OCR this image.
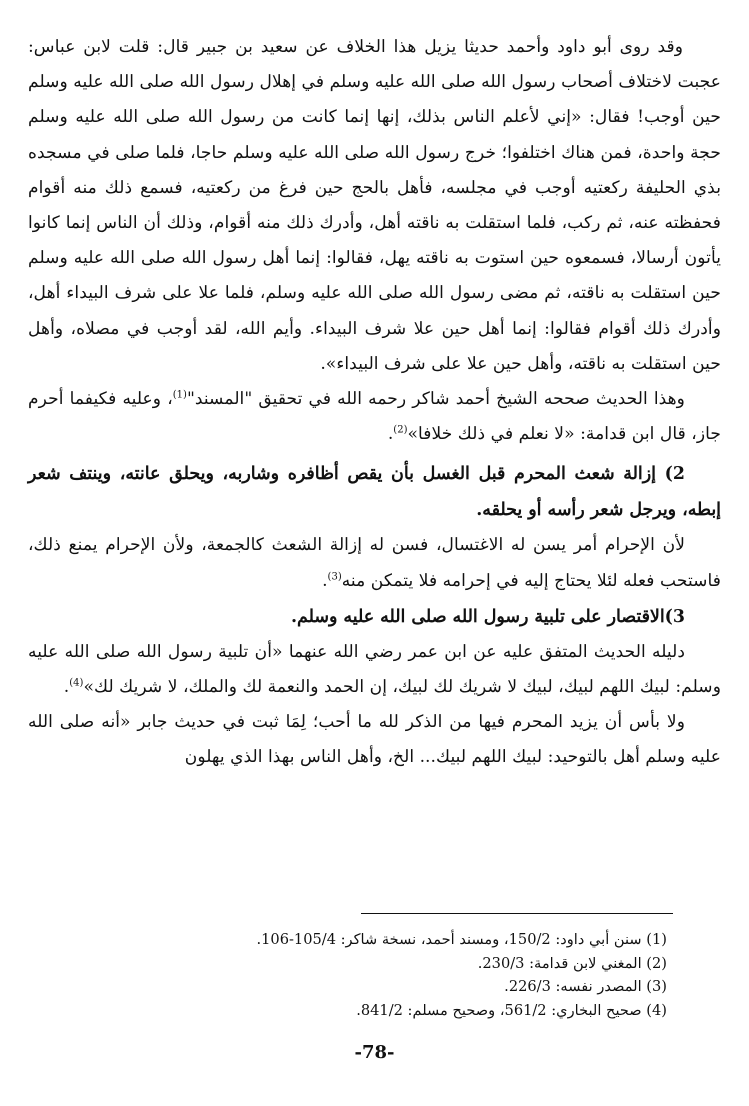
وقد روى أبو داود وأحمد حديثا يزيل هذا الخلاف عن سعيد بن جبير قال: قلت لابن عباس: عجبت لاختلاف أصحاب رسول الله صلى الله عليه وسلم في إهلال رسول الله صلى الله عليه وسلم حين أوجب! فقال: «إني لأعلم الناس بذلك، إنها إنما كانت من رسول الله صلى الله عليه وسلم حجة واحدة، فمن هناك اختلفوا؛ خرج رسول الله صلى الله عليه وسلم حاجا، فلما صلى في مسجده بذي الحليفة ركعتيه أوجب في مجلسه، فأهل بالحج حين فرغ من ركعتيه، فسمع ذلك منه أقوام فحفظته عنه، ثم ركب، فلما استقلت به ناقته أهل، وأدرك ذلك منه أقوام، وذلك أن الناس إنما كانوا يأتون أرسالا، فسمعوه حين استوت به ناقته يهل، فقالوا: إنما أهل رسول الله صلى الله عليه وسلم حين استقلت به ناقته، ثم مضى رسول الله صلى الله عليه وسلم، فلما علا على شرف البيداء أهل، وأدرك ذلك أقوام فقالوا: إنما أهل حين علا شرف البيداء. وأيم الله، لقد أوجب في مصلاه، وأهل حين استقلت به ناقته، وأهل حين علا على شرف البيداء».

وهذا الحديث صححه الشيخ أحمد شاكر رحمه الله في تحقيق "المسند"$^{(1)}$، وعليه فكيفما أحرم جاز، قال ابن قدامة: «لا نعلم في ذلك خلافا»$^{(2)}$.

2) إزالة شعث المحرم قبل الغسل بأن يقص أظافره وشاربه، ويحلق عانته، وينتف شعر إبطه، ويرجل شعر رأسه أو يحلقه.

لأن الإحرام أمر يسن له الاغتسال، فسن له إزالة الشعث كالجمعة، ولأن الإحرام يمنع ذلك، فاستحب فعله لئلا يحتاج إليه في إحرامه فلا يتمكن منه$^{(3)}$.

3)الاقتصار على تلبية رسول الله صلى الله عليه وسلم.

دليله الحديث المتفق عليه عن ابن عمر رضي الله عنهما «أن تلبية رسول الله صلى الله عليه وسلم: لبيك اللهم لبيك، لبيك لا شريك لك لبيك، إن الحمد والنعمة لك والملك، لا شريك لك»$^{(4)}$.

ولا بأس أن يزيد المحرم فيها من الذكر لله ما أحب؛ لِمَا ثبت في حديث جابر «أنه صلى الله عليه وسلم أهل بالتوحيد: لبيك اللهم لبيك... الخ، وأهل الناس بهذا الذي يهلون

(1) سنن أبي داود: 150/2، ومسند أحمد، نسخة شاكر: 105/4-106.

(2) المغني لابن قدامة: 230/3.

(3) المصدر نفسه: 226/3.

(4) صحيح البخاري: 561/2، وصحيح مسلم: 841/2.

-78-
